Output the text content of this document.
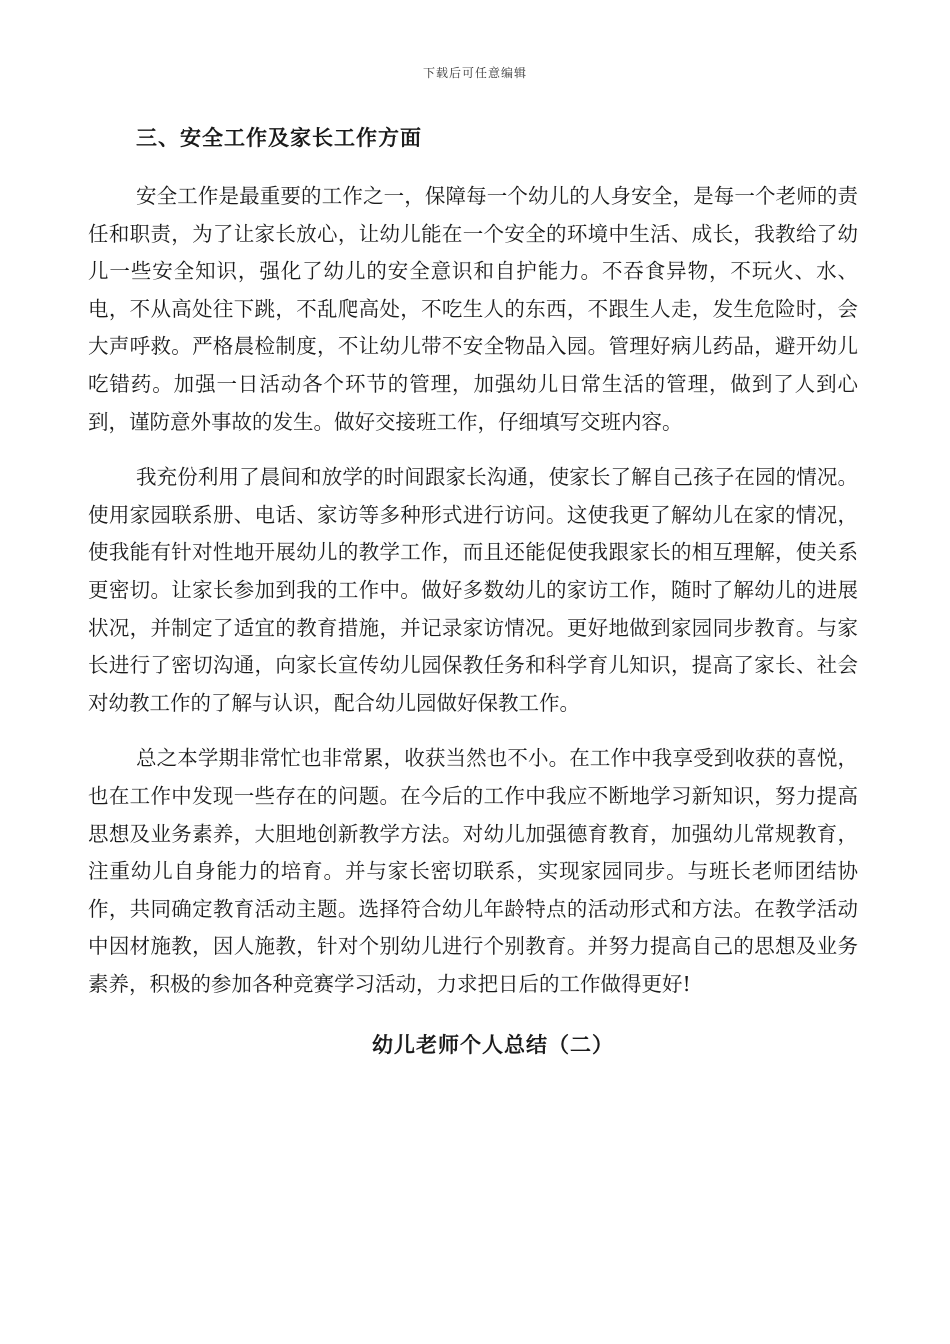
下载后可任意编辑
三、安全工作及家长工作方面

安全工作是最重要的工作之一，保障每一个幼儿的人身安全，是每一个老师的责任和职责，为了让家长放心，让幼儿能在一个安全的环境中生活、成长，我教给了幼儿一些安全知识，强化了幼儿的安全意识和自护能力。不吞食异物，不玩火、水、电，不从高处往下跳，不乱爬高处，不吃生人的东西，不跟生人走，发生危险时，会大声呼救。严格晨检制度，不让幼儿带不安全物品入园。管理好病儿药品，避开幼儿吃错药。加强一日活动各个环节的管理，加强幼儿日常生活的管理，做到了人到心到，谨防意外事故的发生。做好交接班工作，仔细填写交班内容。

我充份利用了晨间和放学的时间跟家长沟通，使家长了解自己孩子在园的情况。使用家园联系册、电话、家访等多种形式进行访问。这使我更了解幼儿在家的情况，使我能有针对性地开展幼儿的教学工作，而且还能促使我跟家长的相互理解，使关系更密切。让家长参加到我的工作中。做好多数幼儿的家访工作，随时了解幼儿的进展状况，并制定了适宜的教育措施，并记录家访情况。更好地做到家园同步教育。与家长进行了密切沟通，向家长宣传幼儿园保教任务和科学育儿知识，提高了家长、社会对幼教工作的了解与认识，配合幼儿园做好保教工作。

总之本学期非常忙也非常累，收获当然也不小。在工作中我享受到收获的喜悦，也在工作中发现一些存在的问题。在今后的工作中我应不断地学习新知识，努力提高思想及业务素养，大胆地创新教学方法。对幼儿加强德育教育，加强幼儿常规教育，注重幼儿自身能力的培育。并与家长密切联系，实现家园同步。与班长老师团结协作，共同确定教育活动主题。选择符合幼儿年龄特点的活动形式和方法。在教学活动中因材施教，因人施教，针对个别幼儿进行个别教育。并努力提高自己的思想及业务素养，积极的参加各种竞赛学习活动，力求把日后的工作做得更好!

幼儿老师个人总结（二）
